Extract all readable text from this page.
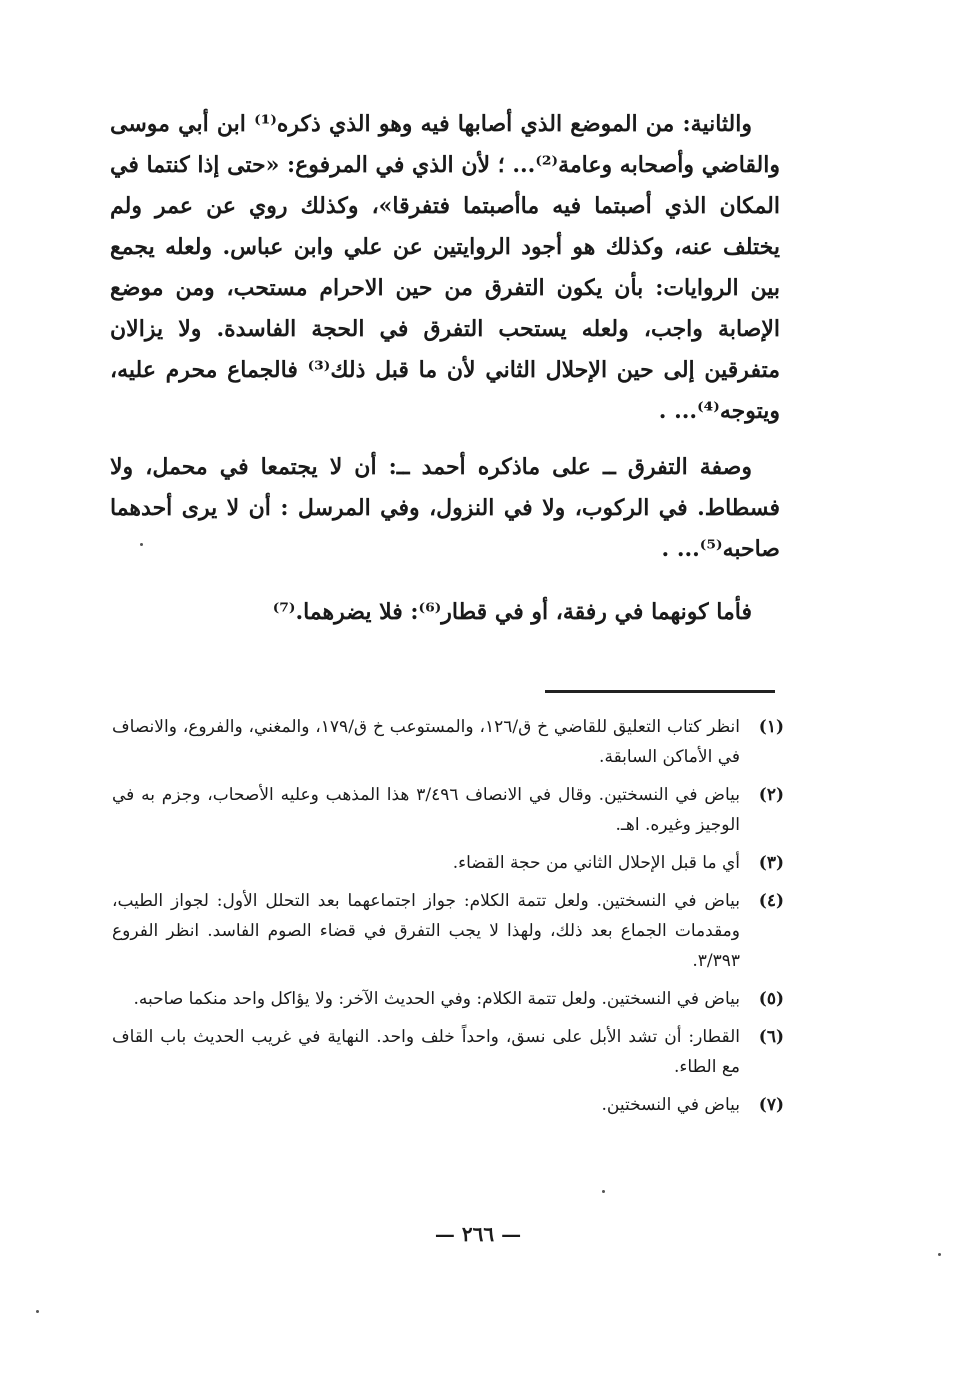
والثانية: من الموضع الذي أصابها فيه وهو الذي ذكره⁽¹⁾ ابن أبي موسى والقاضي وأصحابه وعامة⁽²⁾... ؛ لأن الذي في المرفوع: «حتى إذا كنتما في المكان الذي أصبتما فيه ماأصبتما فتفرقا»، وكذلك روي عن عمر ولم يختلف عنه، وكذلك هو أجود الروايتين عن علي وابن عباس. ولعله يجمع بين الروايات: بأن يكون التفرق من حين الاحرام مستحب، ومن موضع الإصابة واجب، ولعله يستحب التفرق في الحجة الفاسدة. ولا يزالان متفرقين إلى حين الإحلال الثاني لأن ما قبل ذلك⁽³⁾ فالجماع محرم عليه، ويتوجه⁽⁴⁾... .

وصفة التفرق ــ على ماذكره أحمد ــ: أن لا يجتمعا في محمل، ولا فسطاط. في الركوب، ولا في النزول، وفي المرسل : أن لا يرى أحدهما صاحبه⁽⁵⁾... .

فأما كونهما في رفقة، أو في قطار⁽⁶⁾: فلا يضرهما.⁽⁷⁾

(١)
انظر كتاب التعليق للقاضي خ ق/١٢٦، والمستوعب خ ق/١٧٩، والمغني، والفروع، والانصاف في الأماكن السابقة.
(٢)
بياض في النسختين. وقال في الانصاف ٣/٤٩٦ هذا المذهب وعليه الأصحاب، وجزم به في الوجيز وغيره. اهـ.
(٣)
أي ما قبل الإحلال الثاني من حجة القضاء.
(٤)
بياض في النسختين. ولعل تتمة الكلام: جواز اجتماعهما بعد التحلل الأول: لجواز الطيب، ومقدمات الجماع بعد ذلك، ولهذا لا يجب التفرق في قضاء الصوم الفاسد. انظر الفروع ٣/٣٩٣.
(٥)
بياض في النسختين. ولعل تتمة الكلام: وفي الحديث الآخر: ولا يؤاكل واحد منكما صاحبه.
(٦)
القطار: أن تشد الأبل على نسق، واحداً خلف واحد. النهاية في غريب الحديث باب القاف مع الطاء.
(٧)
بياض في النسختين.
— ٢٦٦ —
